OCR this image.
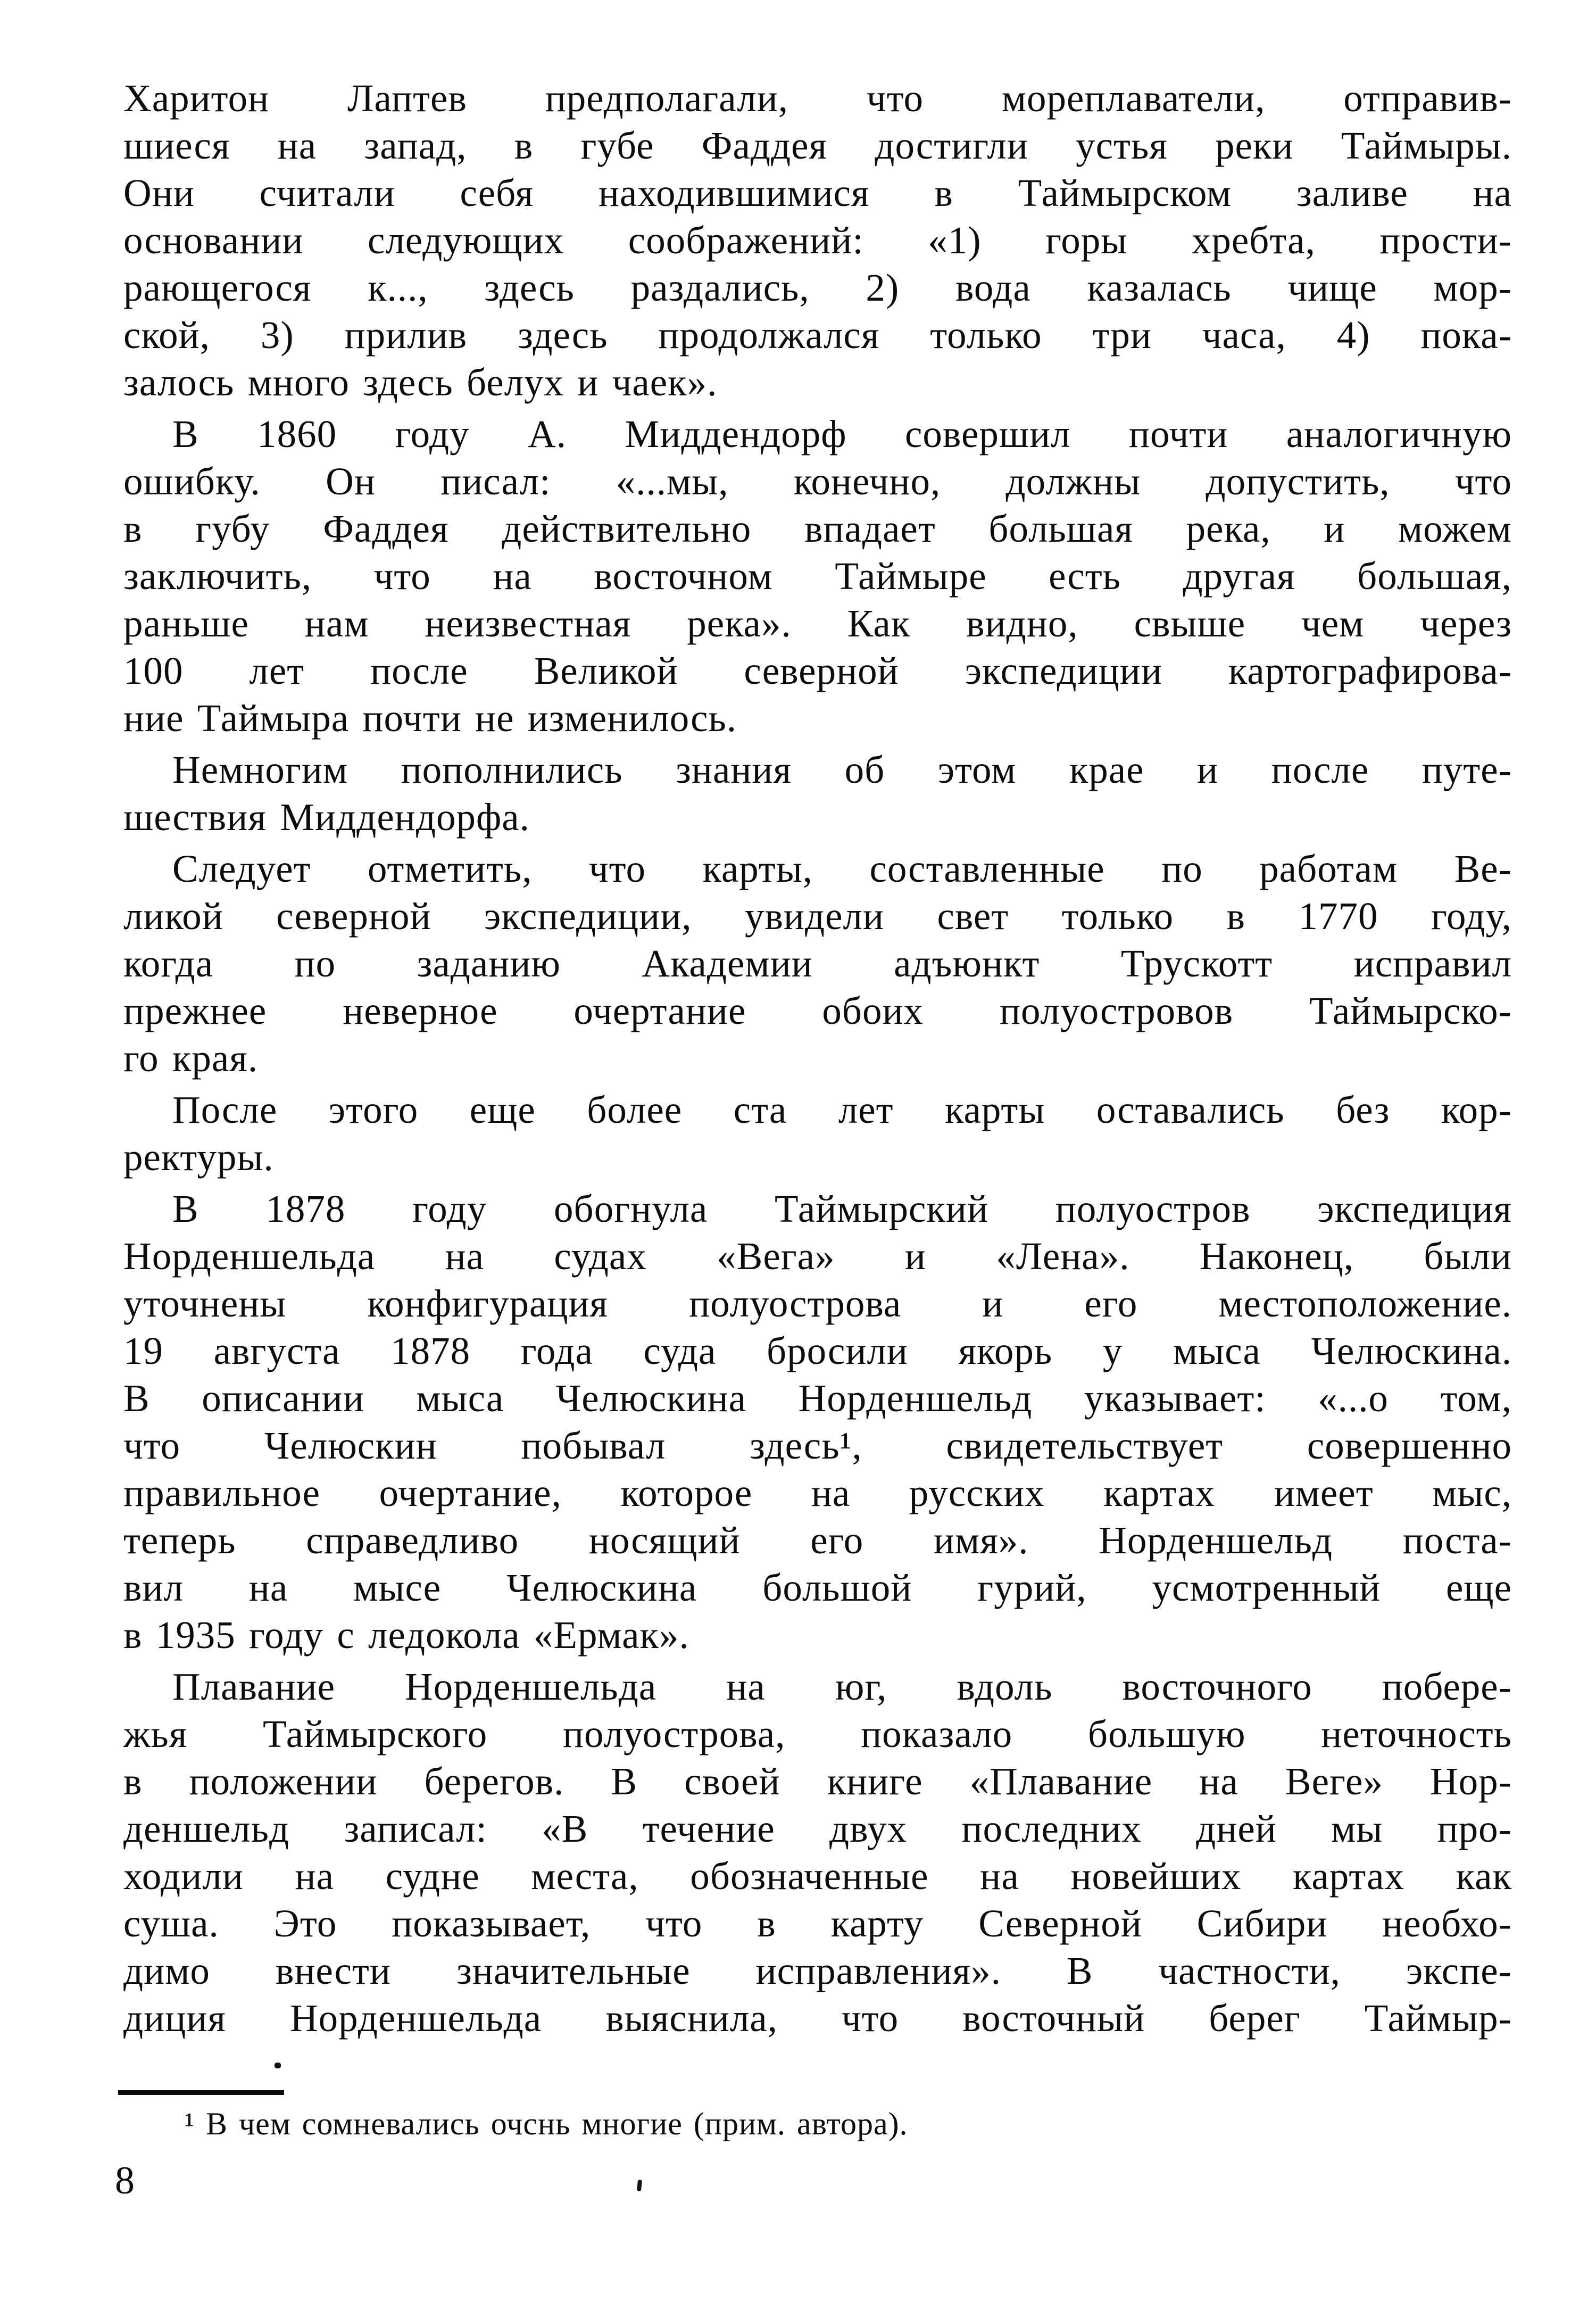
Харитон Лаптев предполагали, что мореплаватели, отправив-
шиеся на запад, в губе Фаддея достигли устья реки Таймыры.
Они считали себя находившимися в Таймырском заливе на
основании следующих соображений: «1) горы хребта, прости-
рающегося к..., здесь раздались, 2) вода казалась чище мор-
ской, 3) прилив здесь продолжался только три часа, 4) пока-
залось много здесь белух и чаек».
В 1860 году А. Миддендорф совершил почти аналогичную
ошибку. Он писал: «...мы, конечно, должны допустить, что
в губу Фаддея действительно впадает большая река, и можем
заключить, что на восточном Таймыре есть другая большая,
раньше нам неизвестная река». Как видно, свыше чем через
100 лет после Великой северной экспедиции картографирова-
ние Таймыра почти не изменилось.
Немногим пополнились знания об этом крае и после путе-
шествия Миддендорфа.
Следует отметить, что карты, составленные по работам Ве-
ликой северной экспедиции, увидели свет только в 1770 году,
когда по заданию Академии адъюнкт Трускотт исправил
прежнее неверное очертание обоих полуостровов Таймырско-
го края.
После этого еще более ста лет карты оставались без кор-
ректуры.
В 1878 году обогнула Таймырский полуостров экспедиция
Норденшельда на судах «Вега» и «Лена». Наконец, были
уточнены конфигурация полуострова и его местоположение.
19 августа 1878 года суда бросили якорь у мыса Челюскина.
В описании мыса Челюскина Норденшельд указывает: «...о том,
что Челюскин побывал здесь¹, свидетельствует совершенно
правильное очертание, которое на русских картах имеет мыс,
теперь справедливо носящий его имя». Норденшельд поста-
вил на мысе Челюскина большой гурий, усмотренный еще
в 1935 году с ледокола «Ермак».
Плавание Норденшельда на юг, вдоль восточного побере-
жья Таймырского полуострова, показало большую неточность
в положении берегов. В своей книге «Плавание на Веге» Нор-
деншельд записал: «В течение двух последних дней мы про-
ходили на судне места, обозначенные на новейших картах как
суша. Это показывает, что в карту Северной Сибири необхо-
димо внести значительные исправления». В частности, экспе-
диция Норденшельда выяснила, что восточный берег Таймыр-
¹ В чем сомневались очснь многие (прим. автора).
8
